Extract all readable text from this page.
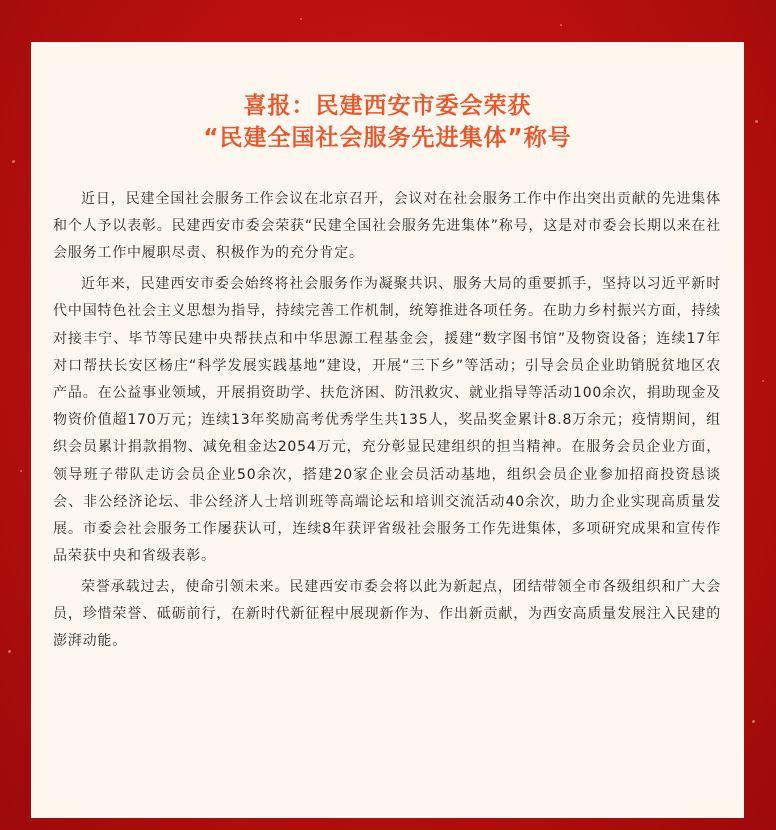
喜报：民建西安市委会荣获
“民建全国社会服务先进集体”称号

近日，民建全国社会服务工作会议在北京召开，会议对在社会服务工作中作出突出贡献的先进集体和个人予以表彰。民建西安市委会荣获“民建全国社会服务先进集体”称号，这是对市委会长期以来在社会服务工作中履职尽责、积极作为的充分肯定。

近年来，民建西安市委会始终将社会服务作为凝聚共识、服务大局的重要抓手，坚持以习近平新时代中国特色社会主义思想为指导，持续完善工作机制，统筹推进各项任务。在助力乡村振兴方面，持续对接丰宁、毕节等民建中央帮扶点和中华思源工程基金会，援建“数字图书馆”及物资设备；连续17年对口帮扶长安区杨庄“科学发展实践基地”建设，开展“三下乡”等活动；引导会员企业助销脱贫地区农产品。在公益事业领域，开展捐资助学、扶危济困、防汛救灾、就业指导等活动100余次，捐助现金及物资价值超170万元；连续13年奖励高考优秀学生共135人，奖品奖金累计8.8万余元；疫情期间，组织会员累计捐款捐物、减免租金达2054万元，充分彰显民建组织的担当精神。在服务会员企业方面，领导班子带队走访会员企业50余次，搭建20家企业会员活动基地，组织会员企业参加招商投资恳谈会、非公经济论坛、非公经济人士培训班等高端论坛和培训交流活动40余次，助力企业实现高质量发展。市委会社会服务工作屡获认可，连续8年获评省级社会服务工作先进集体，多项研究成果和宣传作品荣获中央和省级表彰。

荣誉承载过去，使命引领未来。民建西安市委会将以此为新起点，团结带领全市各级组织和广大会员，珍惜荣誉、砥砺前行，在新时代新征程中展现新作为、作出新贡献，为西安高质量发展注入民建的澎湃动能。
